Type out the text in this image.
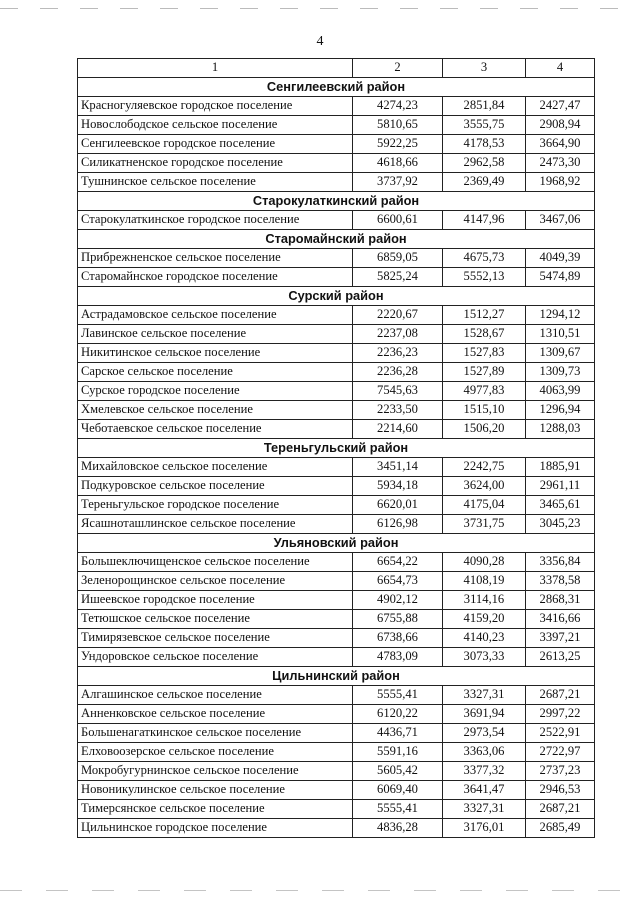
4
1	2	3	4
Сенгилеевский район			
Красногуляевское городское поселение	4274,23	2851,84	2427,47
Новослободское сельское поселение	5810,65	3555,75	2908,94
Сенгилеевское городское поселение	5922,25	4178,53	3664,90
Силикатненское городское поселение	4618,66	2962,58	2473,30
Тушнинское сельское поселение	3737,92	2369,49	1968,92
Старокулаткинский район			
Старокулаткинское городское поселение	6600,61	4147,96	3467,06
Старомайнский район			
Прибрежненское сельское поселение	6859,05	4675,73	4049,39
Старомайнское городское поселение	5825,24	5552,13	5474,89
Сурский район			
Астрадамовское сельское поселение	2220,67	1512,27	1294,12
Лавинское сельское поселение	2237,08	1528,67	1310,51
Никитинское сельское поселение	2236,23	1527,83	1309,67
Сарское сельское поселение	2236,28	1527,89	1309,73
Сурское городское поселение	7545,63	4977,83	4063,99
Хмелевское сельское поселение	2233,50	1515,10	1296,94
Чеботаевское сельское поселение	2214,60	1506,20	1288,03
Тереньгульский район			
Михайловское сельское поселение	3451,14	2242,75	1885,91
Подкуровское сельское поселение	5934,18	3624,00	2961,11
Тереньгульское городское поселение	6620,01	4175,04	3465,61
Ясашноташлинское сельское поселение	6126,98	3731,75	3045,23
Ульяновский район			
Большеключищенское сельское поселение	6654,22	4090,28	3356,84
Зеленорощинское сельское поселение	6654,73	4108,19	3378,58
Ишеевское городское поселение	4902,12	3114,16	2868,31
Тетюшское сельское поселение	6755,88	4159,20	3416,66
Тимирязевское сельское поселение	6738,66	4140,23	3397,21
Ундоровское сельское поселение	4783,09	3073,33	2613,25
Цильнинский район			
Алгашинское сельское поселение	5555,41	3327,31	2687,21
Анненковское сельское поселение	6120,22	3691,94	2997,22
Большенагаткинское сельское поселение	4436,71	2973,54	2522,91
Елховоозерское сельское поселение	5591,16	3363,06	2722,97
Мокробугурнинское сельское поселение	5605,42	3377,32	2737,23
Новоникулинское сельское поселение	6069,40	3641,47	2946,53
Тимерсянское сельское поселение	5555,41	3327,31	2687,21
Цильнинское городское поселение	4836,28	3176,01	2685,49
